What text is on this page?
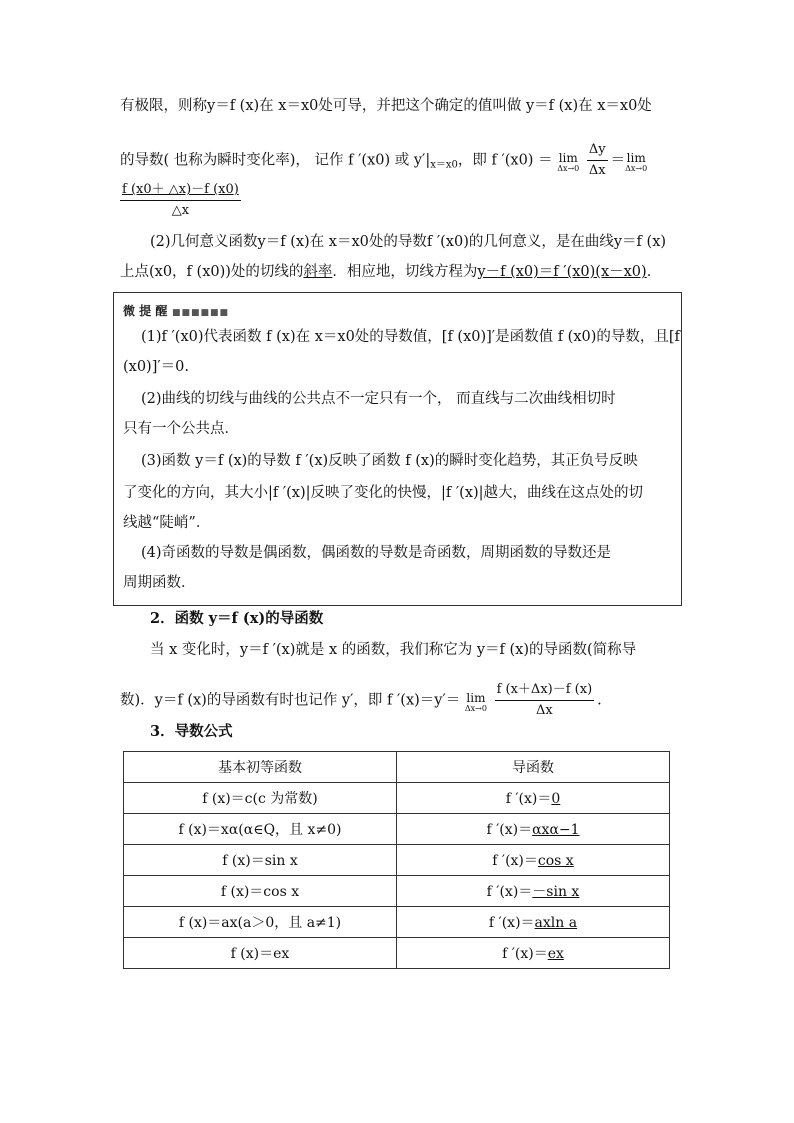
有极限，则称y＝f (x)在 x＝x0处可导，并把这个确定的值叫做 y＝f (x)在 x＝x0处
的导数( 也称为瞬时变化率)， 记作 f ′(x0) 或 $y'|_{x=x0}$，即 f ′(x0) ＝ lim
Δx→0
$\frac{\Delta y}{\Delta x} = \lim$
Δx→0
$\frac{f (x0+ \triangle x)-f (x0)}{\triangle x}$
(2)几何意义函数y＝f (x)在 x＝x0处的导数f ′(x0)的几何意义，是在曲线y＝f (x)
上点(x0，f (x0))处的切线的斜率．相应地，切线方程为y－f (x0)＝f ′(x0)(x－x0)．
微 提 醒 ■■■■■■
(1)f ′(x0)代表函数 f (x)在 x＝x0处的导数值，[f (x0)]′是函数值 f (x0)的导数，且[f
(x0)]′＝0.
(2)曲线的切线与曲线的公共点不一定只有一个， 而直线与二次曲线相切时
只有一个公共点．
(3)函数 y＝f (x)的导数 f ′(x)反映了函数 f (x)的瞬时变化趋势，其正负号反映
了变化的方向，其大小|f ′(x)|反映了变化的快慢，|f ′(x)|越大，曲线在这点处的切
线越“陡峭”．
(4)奇函数的导数是偶函数，偶函数的导数是奇函数，周期函数的导数还是
周期函数．
2．函数 y＝f (x)的导函数
当 x 变化时，y＝f ′(x)就是 x 的函数，我们称它为 y＝f (x)的导函数(简称导
数)．y＝f (x)的导函数有时也记作 y′，即 f ′(x)＝y′＝ lim
Δx→0
$\frac{f (x+\Delta x)-f (x)}{\Delta x}$ .
3．导数公式
基本初等函数	导函数
f (x)＝c(c 为常数)	f ′(x)＝0
f (x)＝xα(α∈Q，且 x≠0)	f ′(x)＝αxα−1
f (x)＝sin x	f ′(x)＝cos x
f (x)＝cos x	f ′(x)＝－sin x
f (x)＝ax(a＞0，且 a≠1)	f ′(x)＝axln a
f (x)＝ex	f ′(x)＝ex
